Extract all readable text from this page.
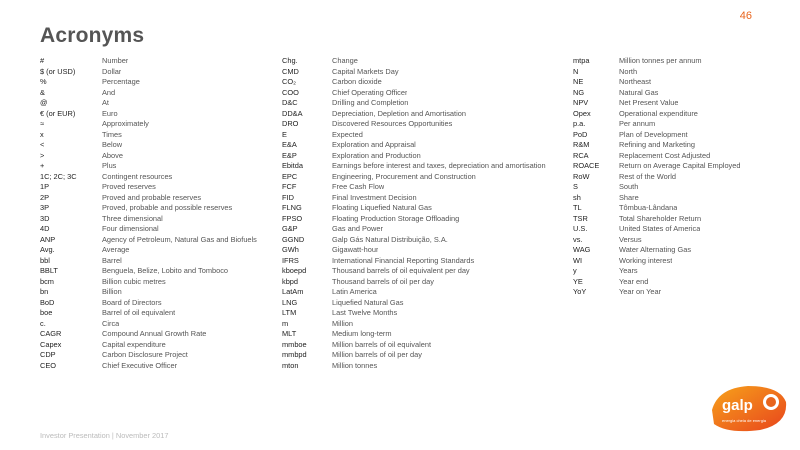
46
Acronyms
#	Number
$ (or USD)	Dollar
%	Percentage
&	And
@	At
€ (or EUR)	Euro
≈	Approximately
x	Times
<	Below
>	Above
+	Plus
1C; 2C; 3C	Contingent resources
1P	Proved reserves
2P	Proved and probable reserves
3P	Proved, probable and possible reserves
3D	Three dimensional
4D	Four dimensional
ANP	Agency of Petroleum, Natural Gas and Biofuels
Avg.	Average
bbl	Barrel
BBLT	Benguela, Belize, Lobito and Tomboco
bcm	Billion cubic metres
bn	Billion
BoD	Board of Directors
boe	Barrel of oil equivalent
c.	Circa
CAGR	Compound Annual Growth Rate
Capex	Capital expenditure
CDP	Carbon Disclosure Project
CEO	Chief Executive Officer
Chg.	Change
CMD	Capital Markets Day
CO₂	Carbon dioxide
COO	Chief Operating Officer
D&C	Drilling and Completion
DD&A	Depreciation, Depletion and Amortisation
DRO	Discovered Resources Opportunities
E	Expected
E&A	Exploration and Appraisal
E&P	Exploration and Production
Ebitda	Earnings before interest and taxes, depreciation and amortisation
EPC	Engineering, Procurement and Construction
FCF	Free Cash Flow
FID	Final Investment Decision
FLNG	Floating Liquefied Natural Gas
FPSO	Floating Production Storage Offloading
G&P	Gas and Power
GGND	Galp Gás Natural Distribuição, S.A.
GWh	Gigawatt-hour
IFRS	International Financial Reporting Standards
kboepd	Thousand barrels of oil equivalent per day
kbpd	Thousand barrels of oil per day
LatAm	Latin America
LNG	Liquefied Natural Gas
LTM	Last Twelve Months
m	Million
MLT	Medium long-term
mmboe	Million barrels of oil equivalent
mmbpd	Million barrels of oil per day
mton	Million tonnes
mtpa	Million tonnes per annum
N	North
NE	Northeast
NG	Natural Gas
NPV	Net Present Value
Opex	Operational expenditure
p.a.	Per annum
PoD	Plan of Development
R&M	Refining and Marketing
RCA	Replacement Cost Adjusted
ROACE	Return on Average Capital Employed
RoW	Rest of the World
S	South
sh	Share
TL	Tômbua-Lândana
TSR	Total Shareholder Return
U.S.	United States of America
vs.	Versus
WAG	Water Alternating Gas
WI	Working interest
y	Years
YE	Year end
YoY	Year on Year
Investor Presentation | November 2017
galp
energia cheia de energia
